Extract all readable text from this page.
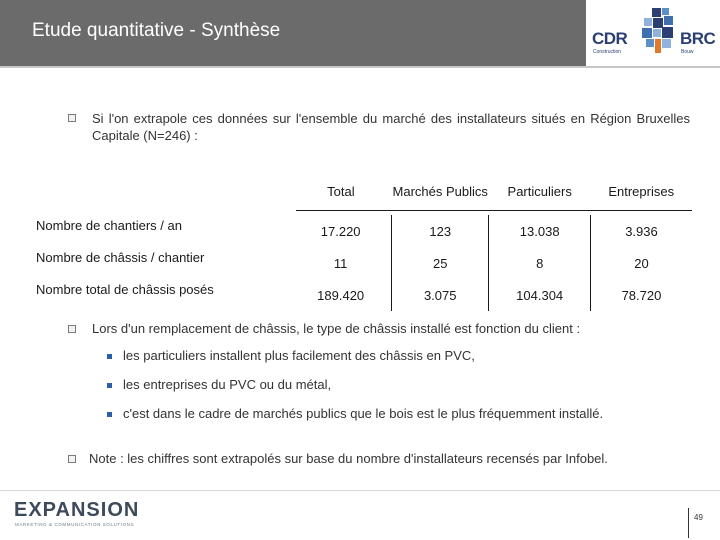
Etude quantitative - Synthèse	CDR
Construction
BRC
Bouw
Si l'on extrapole ces données sur l'ensemble du marché des installateurs situés en Région Bruxelles Capitale (N=246) :
	Total	Marchés Publics	Particuliers	Entreprises
Nombre de chantiers / an	17.220	123	13.038	3.936
Nombre de châssis / chantier	11	25	8	20
Nombre total de châssis posés	189.420	3.075	104.304	78.720
Lors d'un remplacement de châssis, le type de châssis installé est fonction du client :
les particuliers installent plus facilement des châssis en PVC,
les entreprises du PVC ou du métal,
c'est dans le cadre de marchés publics que le bois est le plus fréquemment installé.
Note : les chiffres sont extrapolés sur base du nombre d'installateurs recensés par Infobel.
EXPANSION
MARKETING & COMMUNICATION SOLUTIONS
49
